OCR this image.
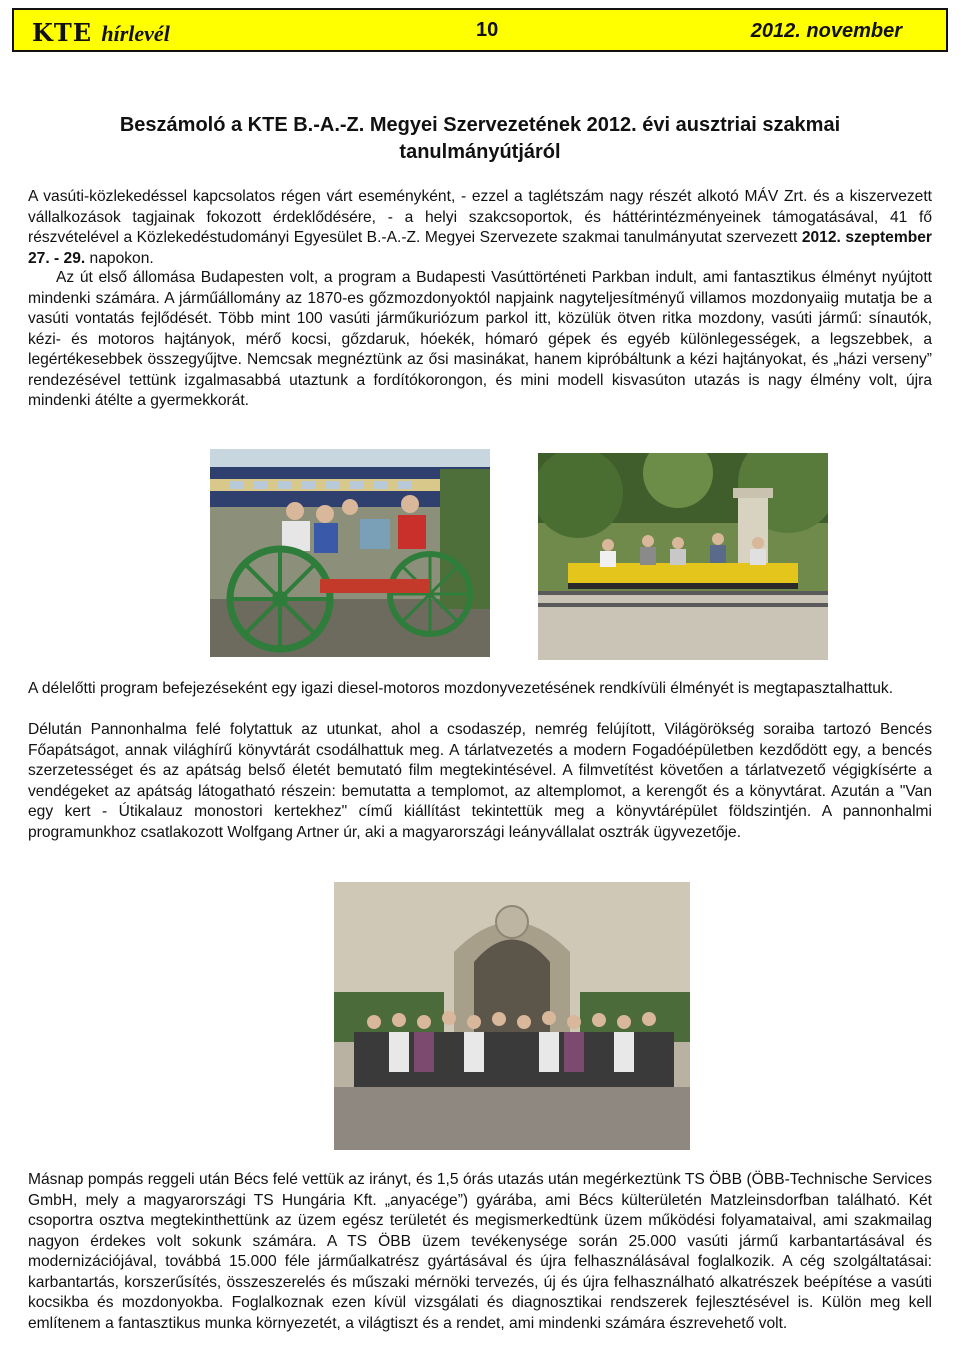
KTE hírlevél	10	2012. november
Beszámoló a KTE B.-A.-Z. Megyei Szervezetének 2012. évi ausztriai szakmai
tanulmányútjáról

A vasúti-közlekedéssel kapcsolatos régen várt eseményként, - ezzel a taglétszám nagy részét alkotó MÁV Zrt. és a kiszervezett vállalkozások tagjainak fokozott érdeklődésére, - a helyi szakcsoportok, és háttérintézményeinek támogatásával, 41 fő részvételével a Közlekedéstudományi Egyesület B.-A.-Z. Megyei Szervezete szakmai tanulmányutat szervezett 2012. szeptember 27. - 29. napokon.

Az út első állomása Budapesten volt, a program a Budapesti Vasúttörténeti Parkban indult, ami fantasztikus élményt nyújtott mindenki számára. A járműállomány az 1870-es gőzmozdonyoktól napjaink nagyteljesítményű villamos mozdonyaiig mutatja be a vasúti vontatás fejlődését. Több mint 100 vasúti járműkuriózum parkol itt, közülük ötven ritka mozdony, vasúti jármű: sínautók, kézi- és motoros hajtányok, mérő kocsi, gőzdaruk, hóekék, hómaró gépek és egyéb különlegességek, a legszebbek, a legértékesebbek összegyűjtve. Nemcsak megnéztünk az ősi masinákat, hanem kipróbáltunk a kézi hajtányokat, és „házi verseny” rendezésével tettünk izgalmasabbá utaztunk a fordítókorongon, és mini modell kisvasúton utazás is nagy élmény volt, újra mindenki átélte a gyermekkorát.

A délelőtti program befejezéseként egy igazi diesel-motoros mozdonyvezetésének rendkívüli élményét is megtapasztalhattuk.

Délután Pannonhalma felé folytattuk az utunkat, ahol a csodaszép, nemrég felújított, Világörökség soraiba tartozó Bencés Főapátságot, annak világhírű könyvtárát csodálhattuk meg. A tárlatvezetés a modern Fogadóépületben kezdődött egy, a bencés szerzetességet és az apátság belső életét bemutató film megtekintésével. A filmvetítést követően a tárlatvezető végigkísérte a vendégeket az apátság látogatható részein: bemutatta a templomot, az altemplomot, a kerengőt és a könyvtárat. Azután a "Van egy kert - Útikalauz monostori kertekhez" című kiállítást tekintettük meg a könyvtárépület földszintjén. A pannonhalmi programunkhoz csatlakozott Wolfgang Artner úr, aki a magyarországi leányvállalat osztrák ügyvezetője.

Másnap pompás reggeli után Bécs felé vettük az irányt, és 1,5 órás utazás után megérkeztünk TS ÖBB (ÖBB-Technische Services GmbH, mely a magyarországi TS Hungária Kft. „anyacége”) gyárába, ami Bécs külterületén Matzleinsdorfban található. Két csoportra osztva megtekinthettünk az üzem egész területét és megismerkedtünk üzem működési folyamataival, ami szakmailag nagyon érdekes volt sokunk számára. A TS ÖBB üzem tevékenysége során 25.000 vasúti jármű karbantartásával és modernizációjával, továbbá 15.000 féle járműalkatrész gyártásával és újra felhasználásával foglalkozik. A cég szolgáltatásai: karbantartás, korszerűsítés, összeszerelés és műszaki mérnöki tervezés, új és újra felhasználható alkatrészek beépítése a vasúti kocsikba és mozdonyokba. Foglalkoznak ezen kívül vizsgálati és diagnosztikai rendszerek fejlesztésével is. Külön meg kell említenem a fantasztikus munka környezetét, a világtiszt és a rendet, ami mindenki számára észrevehető volt.
